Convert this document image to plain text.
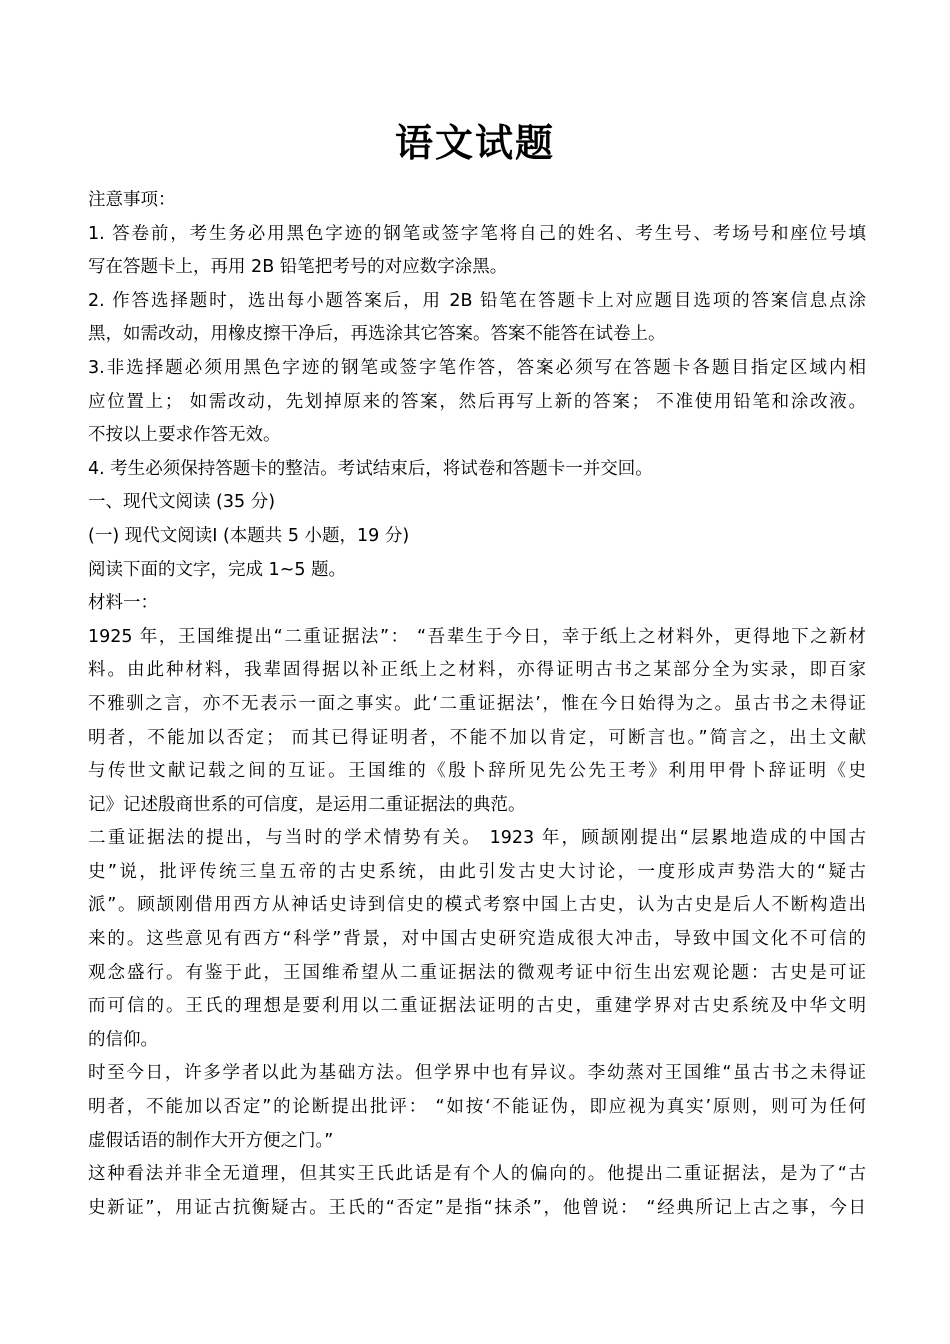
语文试题
注意事项：
1. 答卷前，考生务必用黑色字迹的钢笔或签字笔将自己的姓名、考生号、考场号和座位号填
写在答题卡上，再用 2B 铅笔把考号的对应数字涂黑。
2. 作答选择题时，选出每小题答案后，用 2B 铅笔在答题卡上对应题目选项的答案信息点涂
黑，如需改动，用橡皮擦干净后，再选涂其它答案。答案不能答在试卷上。
3.非选择题必须用黑色字迹的钢笔或签字笔作答，答案必须写在答题卡各题目指定区域内相
应位置上； 如需改动，先划掉原来的答案，然后再写上新的答案； 不准使用铅笔和涂改液。
不按以上要求作答无效。
4. 考生必须保持答题卡的整洁。考试结束后，将试卷和答题卡一并交回。
一、现代文阅读 (35 分)
(一) 现代文阅读I (本题共 5 小题，19 分)
阅读下面的文字，完成 1~5 题。
材料一：
1925 年，王国维提出“二重证据法”： “吾辈生于今日，幸于纸上之材料外，更得地下之新材
料。由此种材料，我辈固得据以补正纸上之材料，亦得证明古书之某部分全为实录，即百家
不雅驯之言，亦不无表示一面之事实。此‘二重证据法’，惟在今日始得为之。虽古书之未得证
明者，不能加以否定； 而其已得证明者，不能不加以肯定，可断言也。”简言之，出土文献
与传世文献记载之间的互证。王国维的《殷卜辞所见先公先王考》利用甲骨卜辞证明《史
记》记述殷商世系的可信度，是运用二重证据法的典范。
二重证据法的提出，与当时的学术情势有关。 1923 年，顾颉刚提出“层累地造成的中国古
史”说，批评传统三皇五帝的古史系统，由此引发古史大讨论，一度形成声势浩大的“疑古
派”。顾颉刚借用西方从神话史诗到信史的模式考察中国上古史，认为古史是后人不断构造出
来的。这些意见有西方“科学”背景，对中国古史研究造成很大冲击，导致中国文化不可信的
观念盛行。有鉴于此，王国维希望从二重证据法的微观考证中衍生出宏观论题：古史是可证
而可信的。王氏的理想是要利用以二重证据法证明的古史，重建学界对古史系统及中华文明
的信仰。
时至今日，许多学者以此为基础方法。但学界中也有异议。李幼蒸对王国维“虽古书之未得证
明者，不能加以否定”的论断提出批评： “如按‘不能证伪，即应视为真实’原则，则可为任何
虚假话语的制作大开方便之门。”
这种看法并非全无道理，但其实王氏此话是有个人的偏向的。他提出二重证据法，是为了“古
史新证”，用证古抗衡疑古。王氏的“否定”是指“抹杀”，他曾说： “经典所记上古之事，今日
